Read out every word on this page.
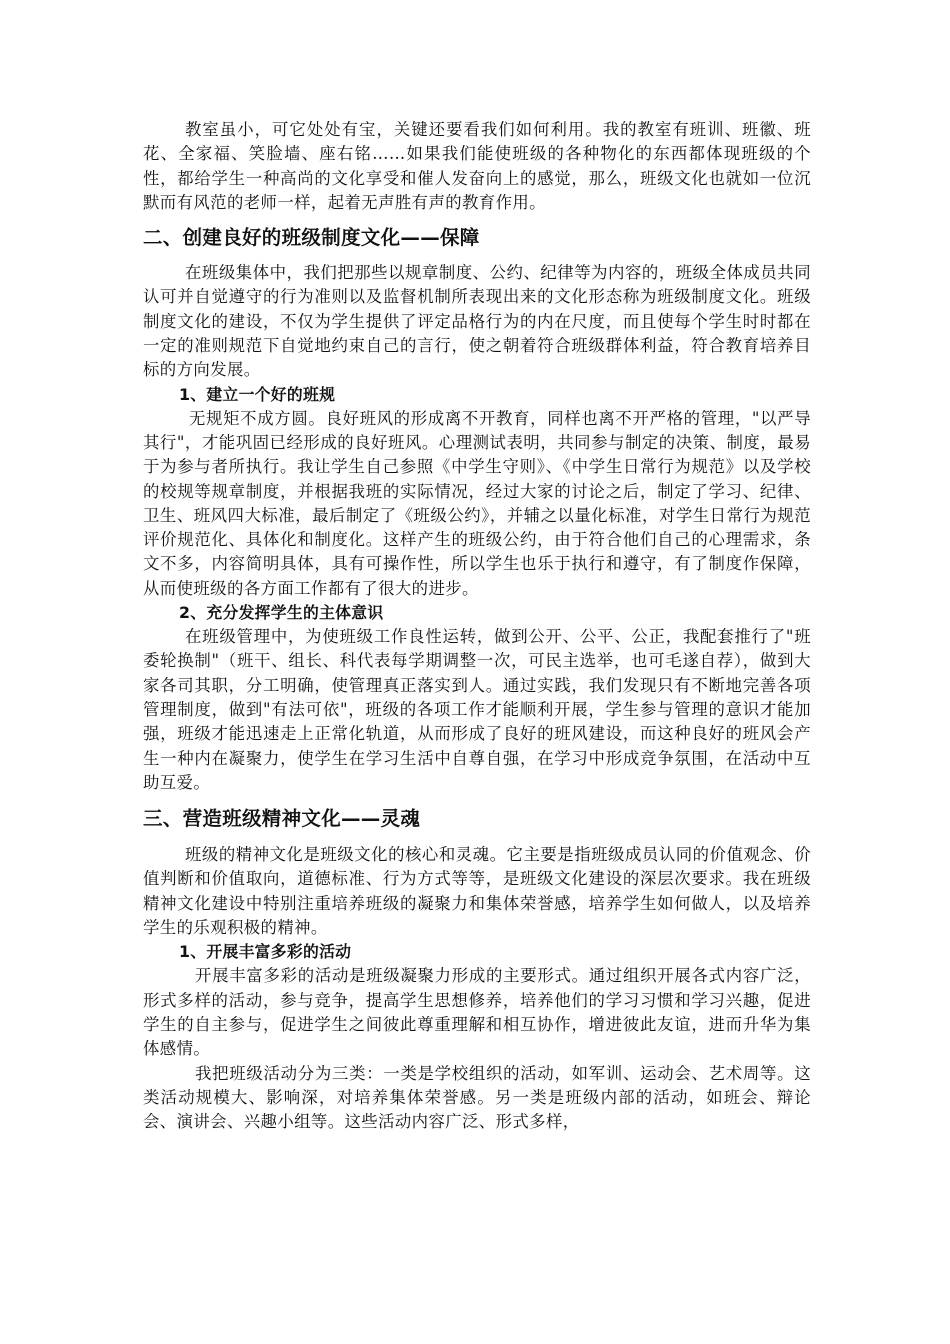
教室虽小，可它处处有宝，关键还要看我们如何利用。我的教室有班训、班徽、班花、全家福、笑脸墙、座右铭……如果我们能使班级的各种物化的东西都体现班级的个性，都给学生一种高尚的文化享受和催人发奋向上的感觉，那么，班级文化也就如一位沉默而有风范的老师一样，起着无声胜有声的教育作用。

二、创建良好的班级制度文化——保障

在班级集体中，我们把那些以规章制度、公约、纪律等为内容的，班级全体成员共同认可并自觉遵守的行为准则以及监督机制所表现出来的文化形态称为班级制度文化。班级制度文化的建设，不仅为学生提供了评定品格行为的内在尺度，而且使每个学生时时都在一定的准则规范下自觉地约束自己的言行，使之朝着符合班级群体利益，符合教育培养目标的方向发展。

1、建立一个好的班规

无规矩不成方圆。良好班风的形成离不开教育，同样也离不开严格的管理，"以严导其行"，才能巩固已经形成的良好班风。心理测试表明，共同参与制定的决策、制度，最易于为参与者所执行。我让学生自己参照《中学生守则》、《中学生日常行为规范》以及学校的校规等规章制度，并根据我班的实际情况，经过大家的讨论之后，制定了学习、纪律、卫生、班风四大标准，最后制定了《班级公约》，并辅之以量化标准，对学生日常行为规范评价规范化、具体化和制度化。这样产生的班级公约，由于符合他们自己的心理需求，条文不多，内容简明具体，具有可操作性，所以学生也乐于执行和遵守，有了制度作保障，从而使班级的各方面工作都有了很大的进步。

2、充分发挥学生的主体意识

在班级管理中，为使班级工作良性运转，做到公开、公平、公正，我配套推行了"班委轮换制"（班干、组长、科代表每学期调整一次，可民主选举，也可毛遂自荐），做到大家各司其职，分工明确，使管理真正落实到人。通过实践，我们发现只有不断地完善各项管理制度，做到"有法可依"，班级的各项工作才能顺利开展，学生参与管理的意识才能加强，班级才能迅速走上正常化轨道，从而形成了良好的班风建设，而这种良好的班风会产生一种内在凝聚力，使学生在学习生活中自尊自强，在学习中形成竞争氛围，在活动中互助互爱。

三、营造班级精神文化——灵魂

班级的精神文化是班级文化的核心和灵魂。它主要是指班级成员认同的价值观念、价值判断和价值取向，道德标准、行为方式等等，是班级文化建设的深层次要求。我在班级精神文化建设中特别注重培养班级的凝聚力和集体荣誉感，培养学生如何做人，以及培养学生的乐观积极的精神。

1、开展丰富多彩的活动

开展丰富多彩的活动是班级凝聚力形成的主要形式。通过组织开展各式内容广泛，形式多样的活动，参与竞争，提高学生思想修养，培养他们的学习习惯和学习兴趣，促进学生的自主参与，促进学生之间彼此尊重理解和相互协作，增进彼此友谊，进而升华为集体感情。

我把班级活动分为三类：一类是学校组织的活动，如军训、运动会、艺术周等。这类活动规模大、影响深，对培养集体荣誉感。另一类是班级内部的活动，如班会、辩论会、演讲会、兴趣小组等。这些活动内容广泛、形式多样，
